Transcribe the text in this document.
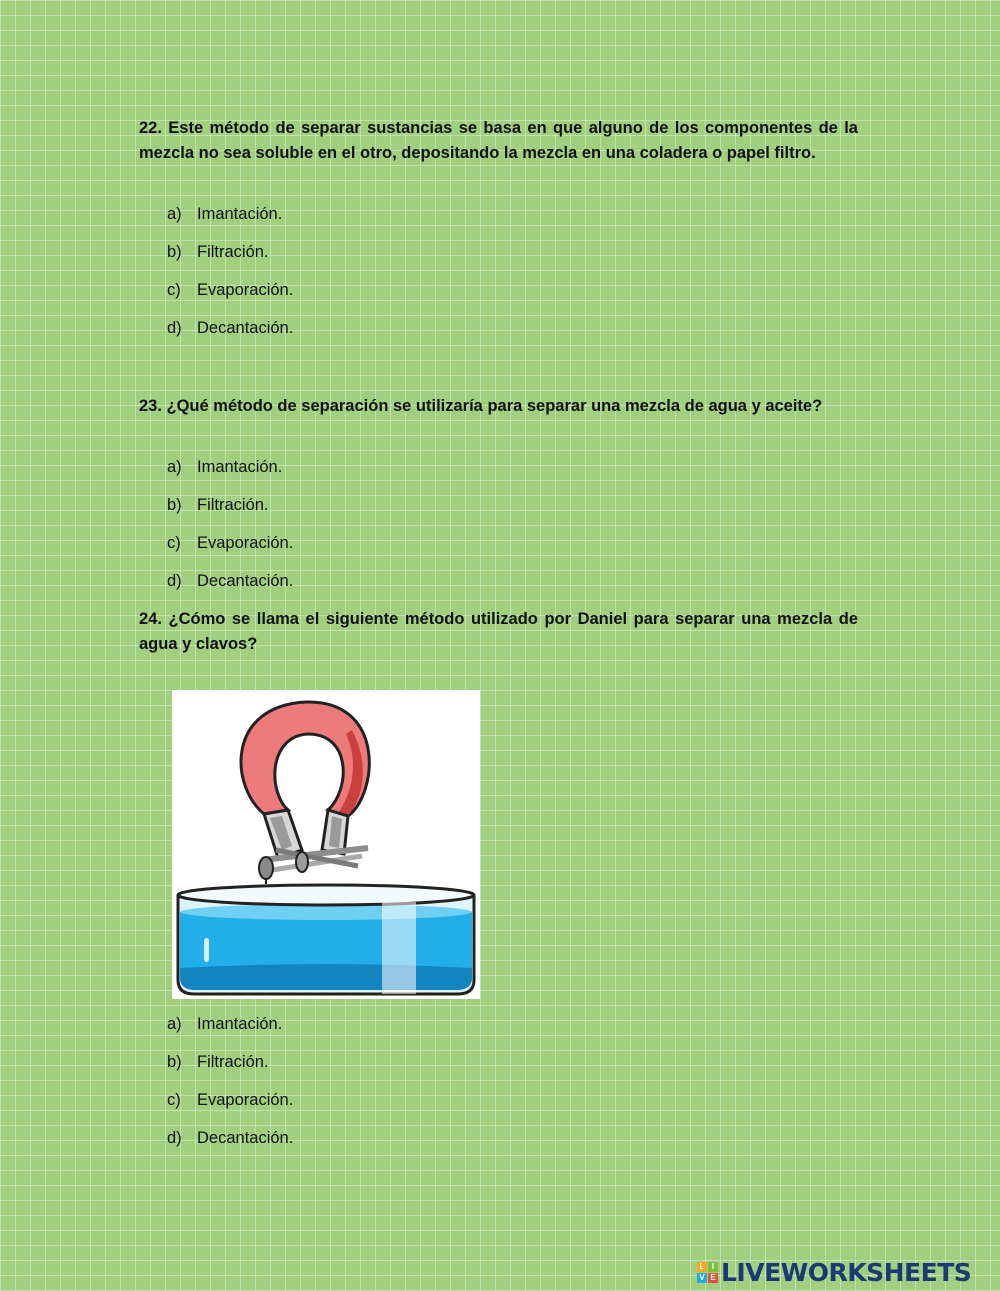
22. Este método de separar sustancias se basa en que alguno de los componentes de la mezcla no sea soluble en el otro, depositando la mezcla en una coladera o papel filtro.

a) Imantación.
b) Filtración.
c) Evaporación.
d) Decantación.

23. ¿Qué método de separación se utilizaría para separar una mezcla de agua y aceite?

a) Imantación.
b) Filtración.
c) Evaporación.
d) Decantación.

24. ¿Cómo se llama el siguiente método utilizado por Daniel para separar una mezcla de agua y clavos?

a) Imantación.
b) Filtración.
c) Evaporación.
d) Decantación.
L I
V E LIVEWORKSHEETS
